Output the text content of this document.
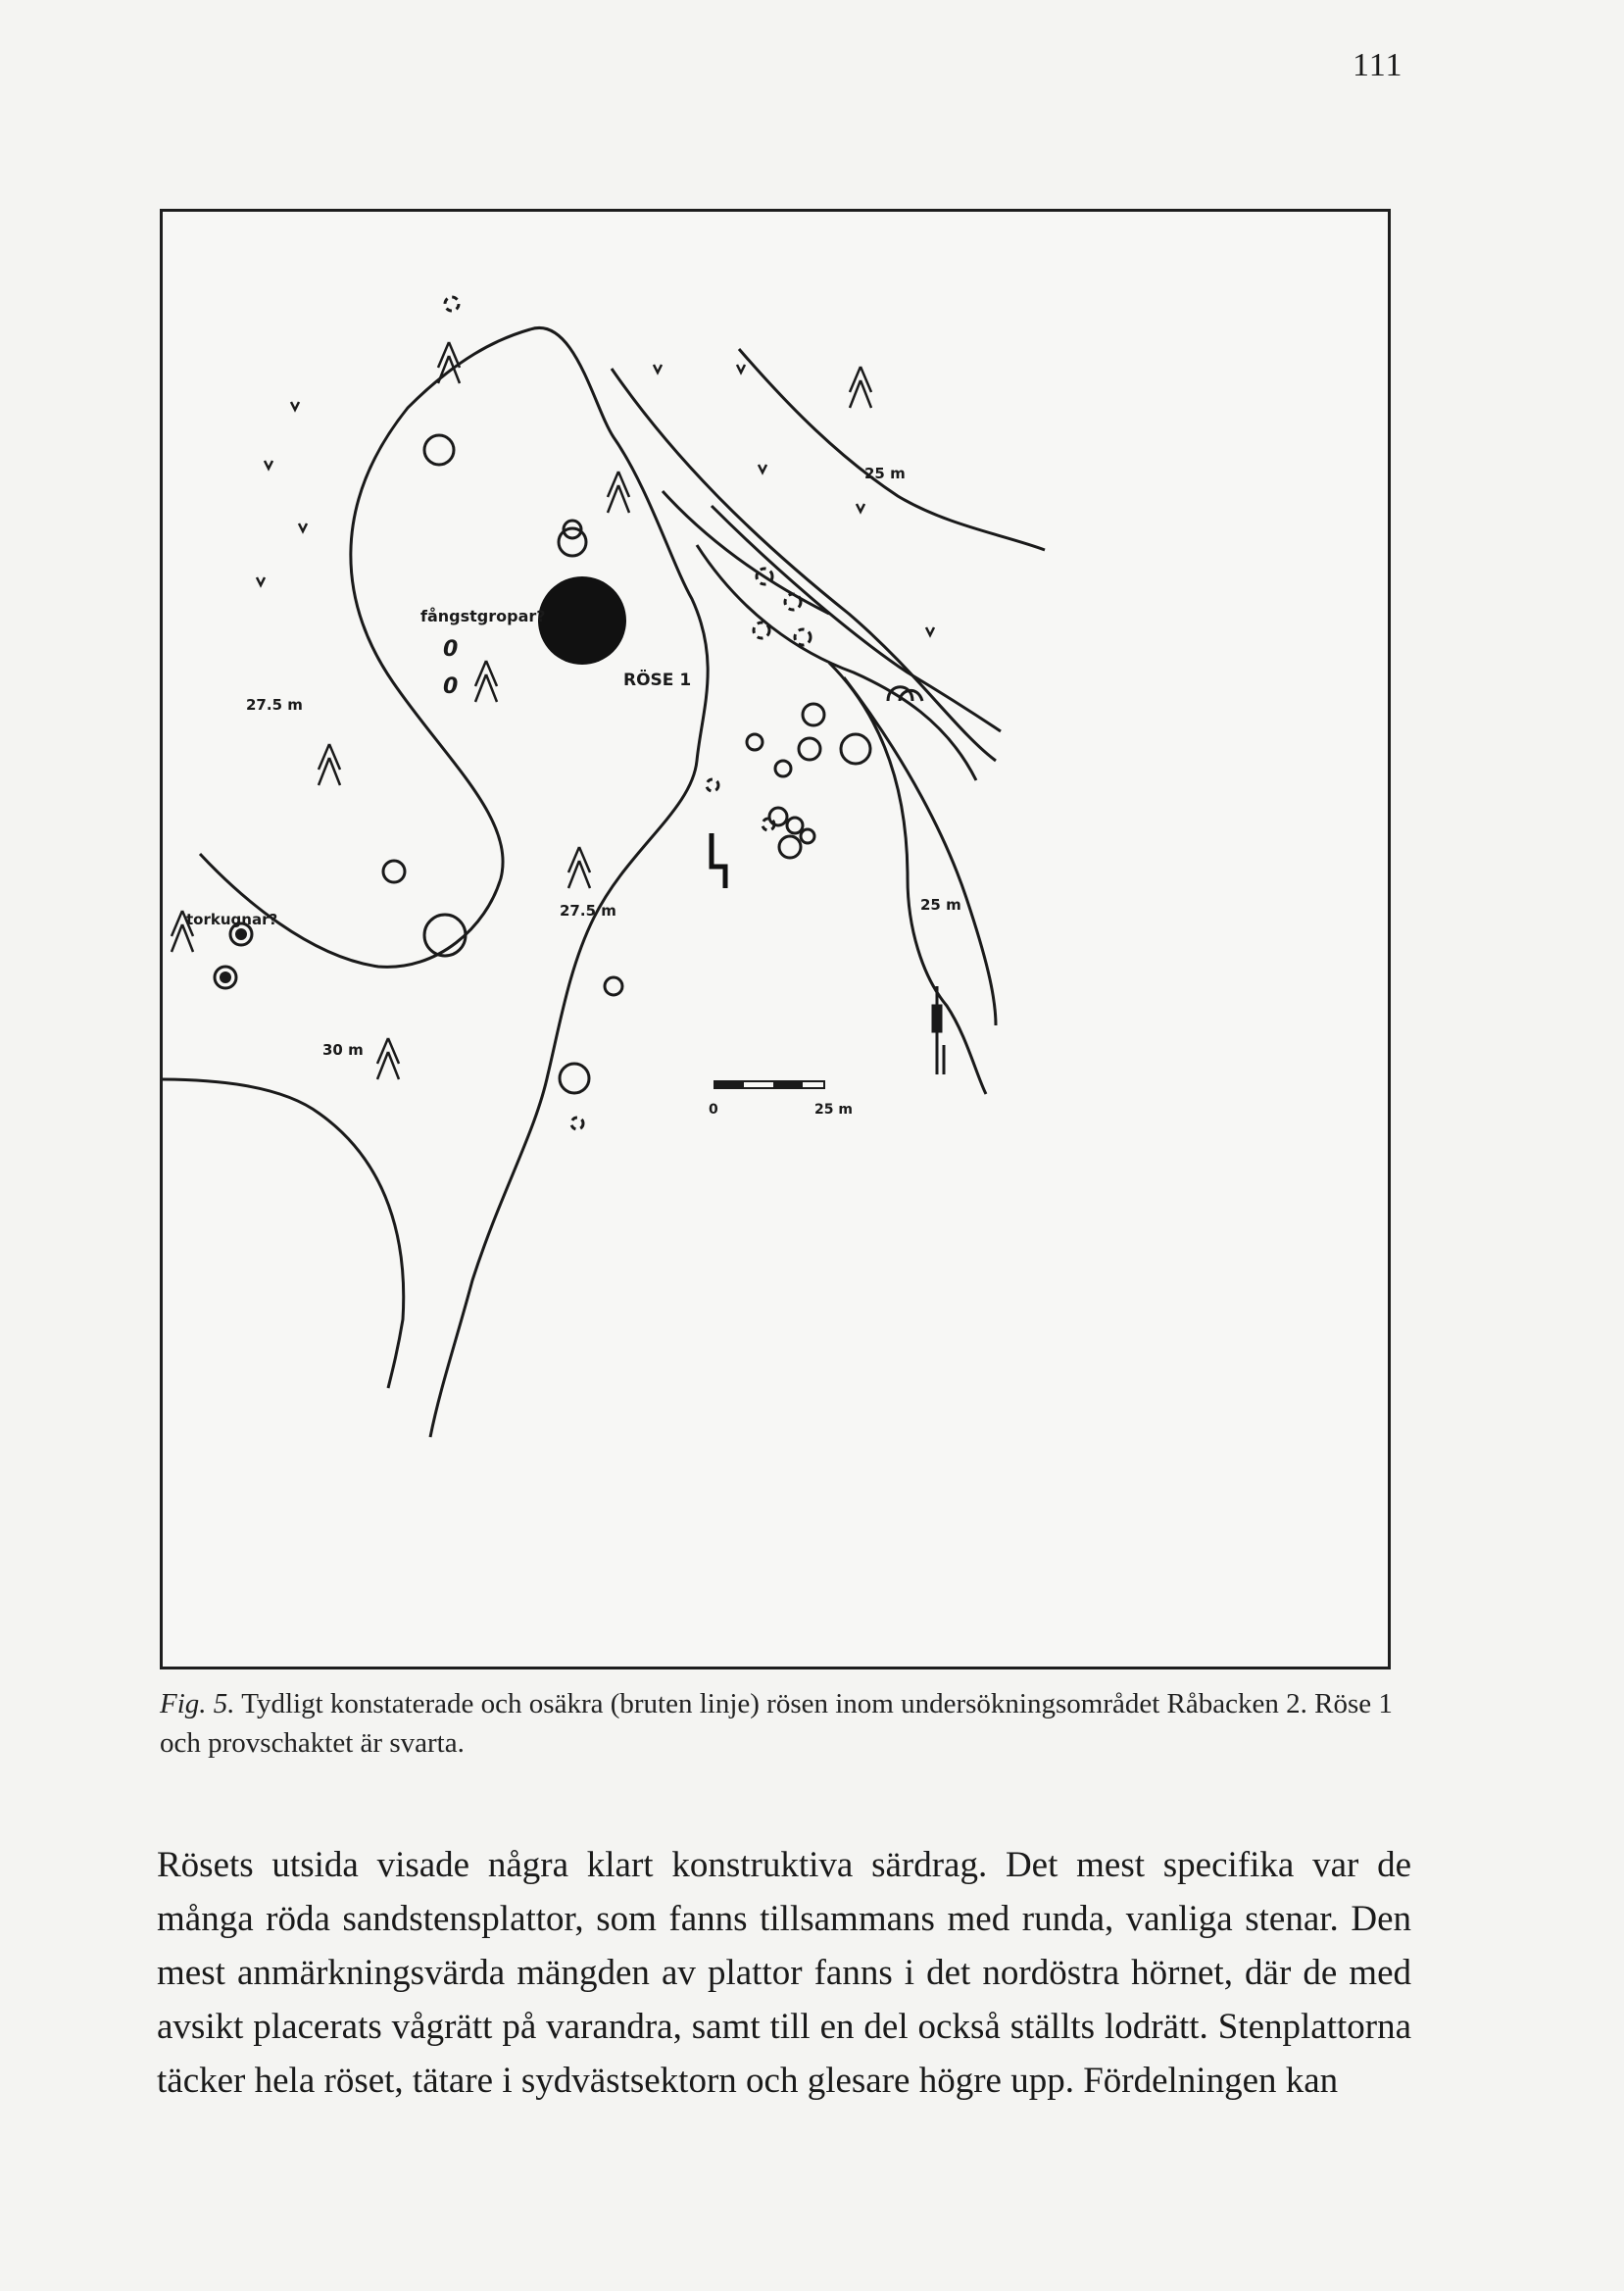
111
fångstgropar?
0
0	RÖSE 1
27.5 m
27.5 m
25 m
25 m
30 m
torkugnar?
0	25 m
Fig. 5. Tydligt konstaterade och osäkra (bruten linje) rösen inom undersökningsområdet Råbacken 2. Röse 1 och provschaktet är svarta.
Rösets utsida visade några klart konstruktiva särdrag. Det mest specifika var de många röda sandstensplattor, som fanns tillsammans med runda, vanliga stenar. Den mest anmärkningsvärda mängden av plattor fanns i det nordöstra hörnet, där de med avsikt placerats vågrätt på varandra, samt till en del också ställts lodrätt. Stenplattorna täcker hela röset, tätare i sydvästsektorn och glesare högre upp. Fördelningen kan
